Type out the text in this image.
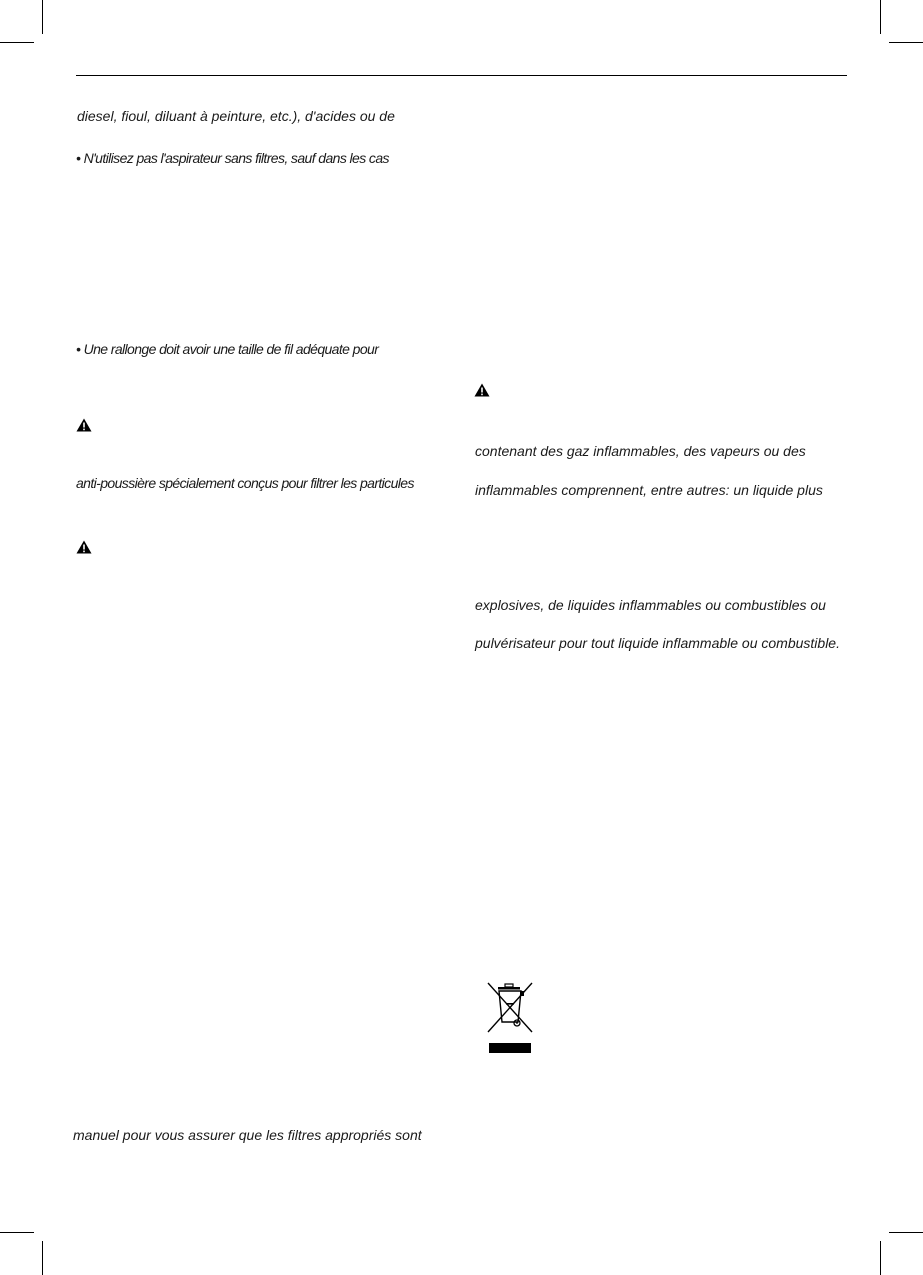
diesel, fioul, diluant à peinture, etc.), d'acides ou de
• N'utilisez pas l'aspirateur sans filtres, sauf dans les cas
• Une rallonge doit avoir une taille de fil adéquate pour
anti-poussière spécialement conçus pour filtrer les particules
manuel pour vous assurer que les filtres appropriés sont
contenant des gaz inflammables, des vapeurs ou des
inflammables comprennent, entre autres: un liquide plus
explosives, de liquides inflammables ou combustibles ou
pulvérisateur pour tout liquide inflammable ou combustible.
